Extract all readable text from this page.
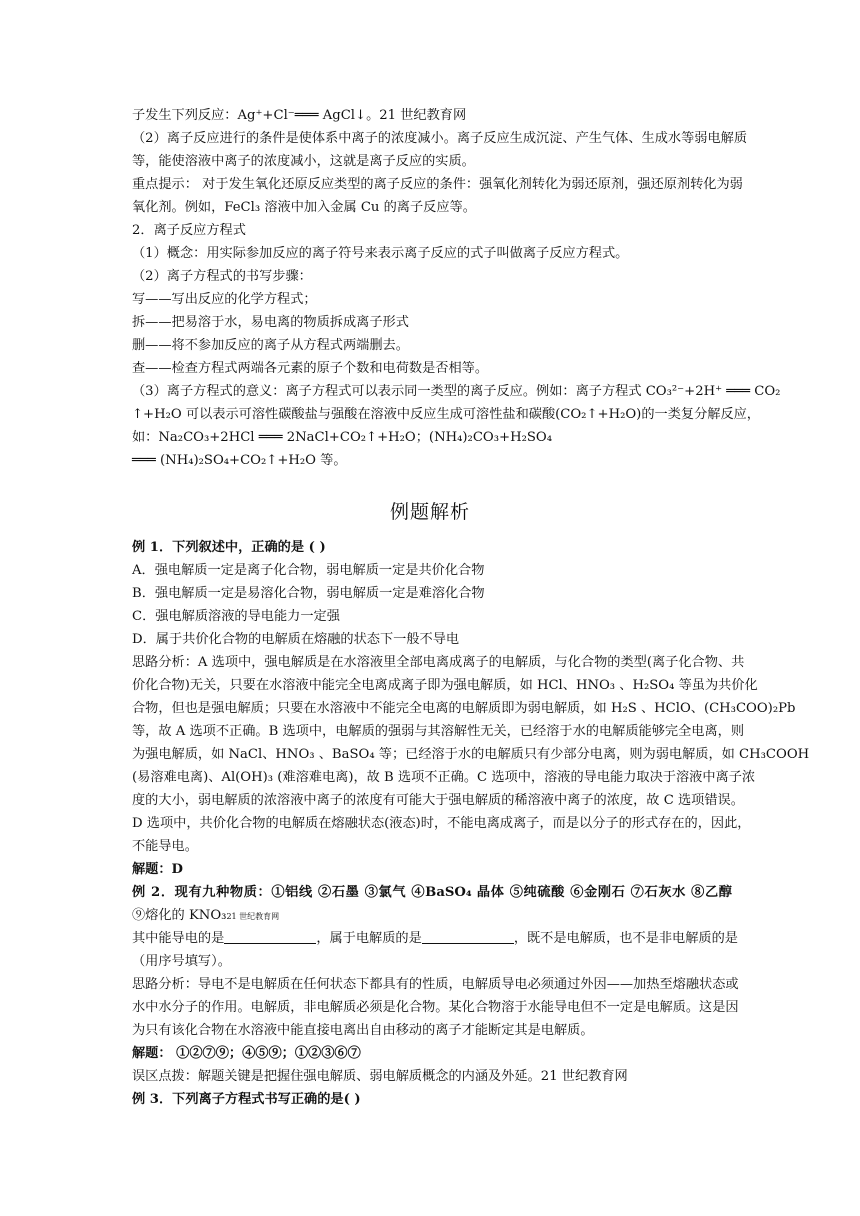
子发生下列反应：Ag⁺+Cl⁻​═══ AgCl↓。21 世纪教育网
（2）离子反应进行的条件是使体系中离子的浓度减小。离子反应生成沉淀、产生气体、生成水等弱电解质
等，能使溶液中离子的浓度减小，这就是离子反应的实质。
重点提示： 对于发生氧化还原反应类型的离子反应的条件：强氧化剂转化为弱还原剂，强还原剂转化为弱
氧化剂。例如，FeCl₃ 溶液中加入金属 Cu 的离子反应等。
2．离子反应方程式
（1）概念：用实际参加反应的离子符号来表示离子反应的式子叫做离子反应方程式。
（2）离子方程式的书写步骤：
写——写出反应的化学方程式；
拆——把易溶于水，易电离的物质拆成离子形式
删——将不参加反应的离子从方程式两端删去。
查——检查方程式两端各元素的原子个数和电荷数是否相等。
（3）离子方程式的意义：离子方程式可以表示同一类型的离子反应。例如：离子方程式 CO₃²⁻+2H⁺ ═══ CO₂
↑+H₂O 可以表示可溶性碳酸盐与强酸在溶液中反应生成可溶性盐和碳酸(CO₂↑+H₂O)的一类复分解反应，
如：Na₂CO₃+2HCl ═══ 2NaCl+CO₂↑+H₂O；(NH₄)₂CO₃+H₂SO₄
═══ (NH₄)₂SO₄+CO₂↑+H₂O 等。
例题解析
例 1．下列叙述中，正确的是 ( )
A．强电解质一定是离子化合物，弱电解质一定是共价化合物
B．强电解质一定是易溶化合物，弱电解质一定是难溶化合物
C．强电解质溶液的导电能力一定强
D．属于共价化合物的电解质在熔融的状态下一般不导电
思路分析：A 选项中，强电解质是在水溶液里全部电离成离子的电解质，与化合物的类型(离子化合物、共
价化合物)无关，只要在水溶液中能完全电离成离子即为强电解质，如 HCl、HNO₃ 、H₂SO₄ 等虽为共价化
合物，但也是强电解质；只要在水溶液中不能完全电离的电解质即为弱电解质，如 H₂S 、HClO、(CH₃COO)₂Pb
等，故 A 选项不正确。B 选项中，电解质的强弱与其溶解性无关，已经溶于水的电解质能够完全电离，则
为强电解质，如 NaCl、HNO₃ 、BaSO₄ 等；已经溶于水的电解质只有少部分电离，则为弱电解质，如 CH₃COOH
(易溶难电离)、Al(OH)₃ (难溶难电离)，故 B 选项不正确。C 选项中，溶液的导电能力取决于溶液中离子浓
度的大小，弱电解质的浓溶液中离子的浓度有可能大于强电解质的稀溶液中离子的浓度，故 C 选项错误。
D 选项中，共价化合物的电解质在熔融状态(液态)时，不能电离成离子，而是以分子的形式存在的，因此，
不能导电。
解题：D
例 2．现有九种物质：①铝线 ②石墨 ③氯气 ④BaSO₄ 晶体 ⑤纯硫酸 ⑥金刚石 ⑦石灰水 ⑧乙醇
⑨熔化的 KNO₃21 世纪教育网
其中能导电的是	，属于电解质的是	，既不是电解质，也不是非电解质的是
（用序号填写）。
思路分析：导电不是电解质在任何状态下都具有的性质，电解质导电必须通过外因——加热至熔融状态或
水中水分子的作用。电解质，非电解质必须是化合物。某化合物溶于水能导电但不一定是电解质。这是因
为只有该化合物在水溶液中能直接电离出自由移动的离子才能断定其是电解质。
解题： ①②⑦⑨；④⑤⑨；①②③⑥⑦
误区点拨：解题关键是把握住强电解质、弱电解质概念的内涵及外延。21 世纪教育网
例 3．下列离子方程式书写正确的是( )
